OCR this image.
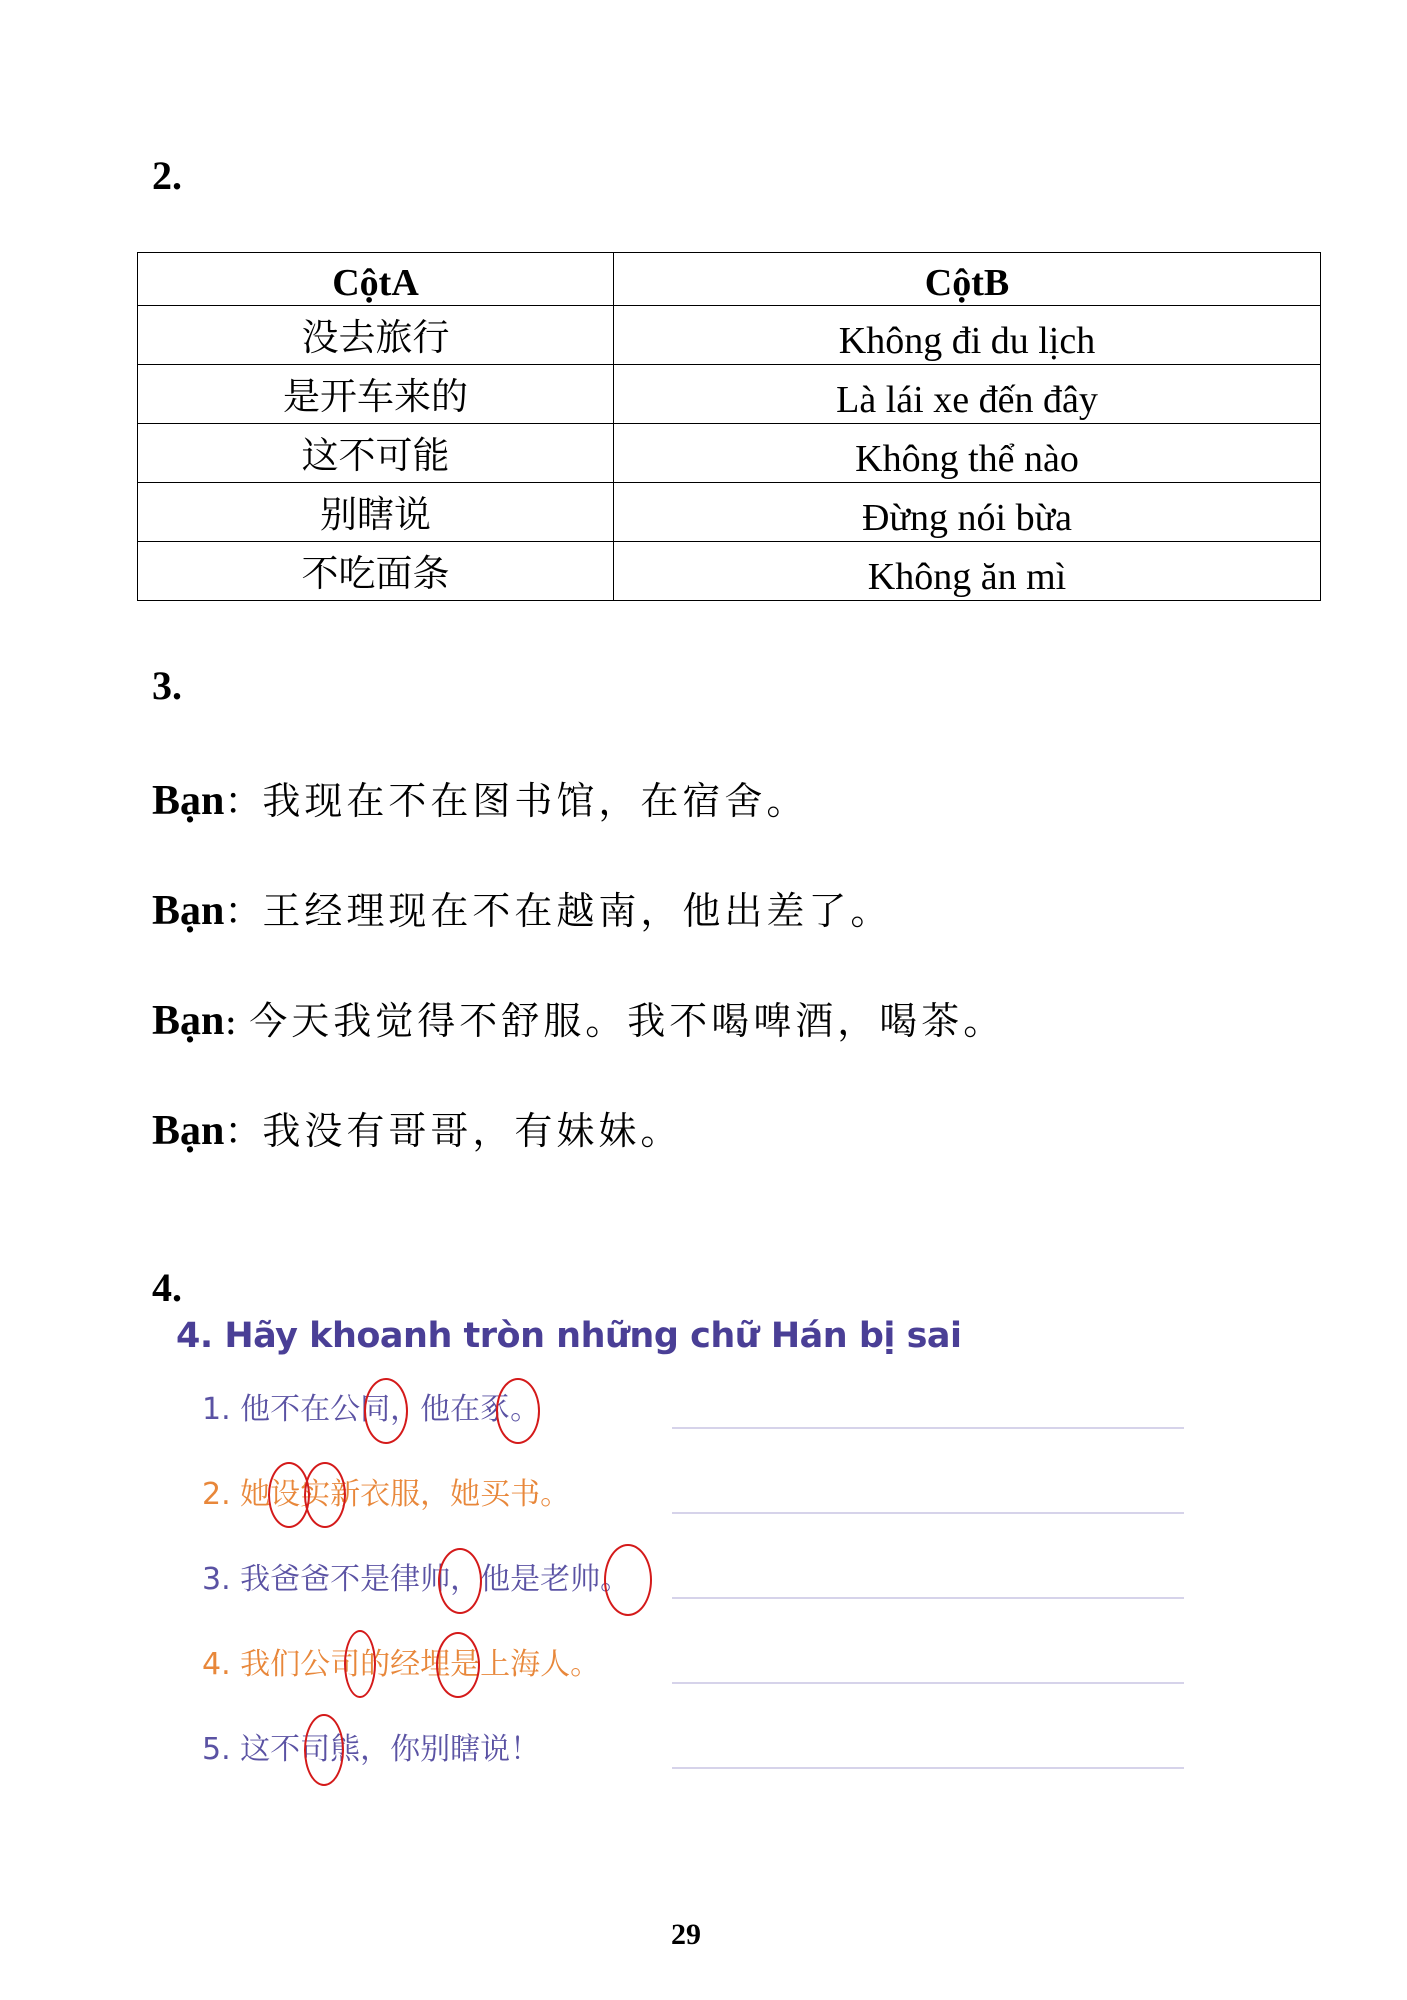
2.
CộtA	CộtB
没去旅行	Không đi du lịch
是开车来的	Là lái xe đến đây
这不可能	Không thể nào
别瞎说	Đừng nói bừa
不吃面条	Không ăn mì
3.
Bạn：我现在不在图书馆，在宿舍。
Bạn：王经理现在不在越南，他出差了。
Bạn: 今天我觉得不舒服。我不喝啤酒，喝茶。
Bạn：我没有哥哥，有妹妹。
4.
4. Hãy khoanh tròn những chữ Hán bị sai
1. 他不在公同，他在豖。
2. 她设实新衣服，她买书。
3. 我爸爸不是律帅，他是老帅。
4. 我们公司的经埋是上海人。
5. 这不司熊，你别瞎说！
29
